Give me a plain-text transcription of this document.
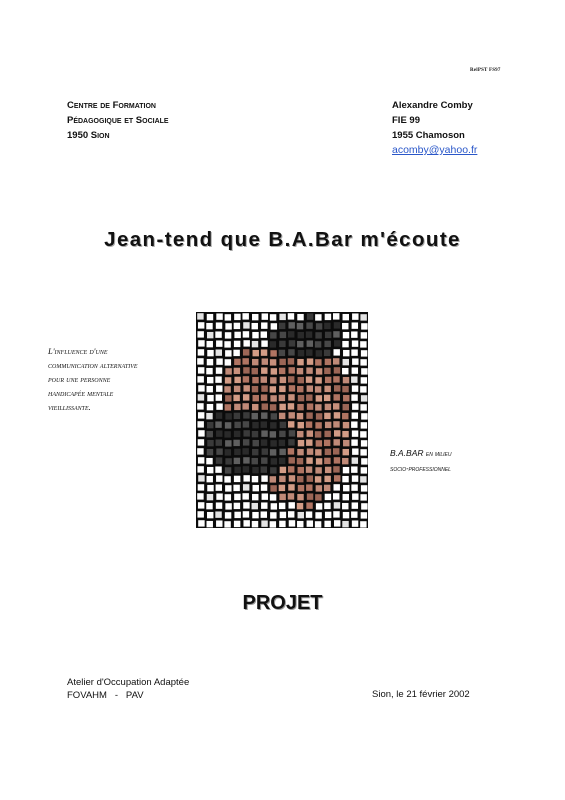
RelPST FS97
Centre de Formation
Pédagogique et Sociale
1950 Sion
Alexandre Comby
FIE 99
1955 Chamoson
acomby@yahoo.fr
Jean-tend que B.A.Bar m'écoute
L'influence d'une
communication alternative
pour une personne
handicapée mentale
vieillissante.
B.A.BAR en milieu
socio-professionnel
PROJET
Atelier d'Occupation Adaptée
FOVAHM   -   PAV	Sion, le 21 février 2002
